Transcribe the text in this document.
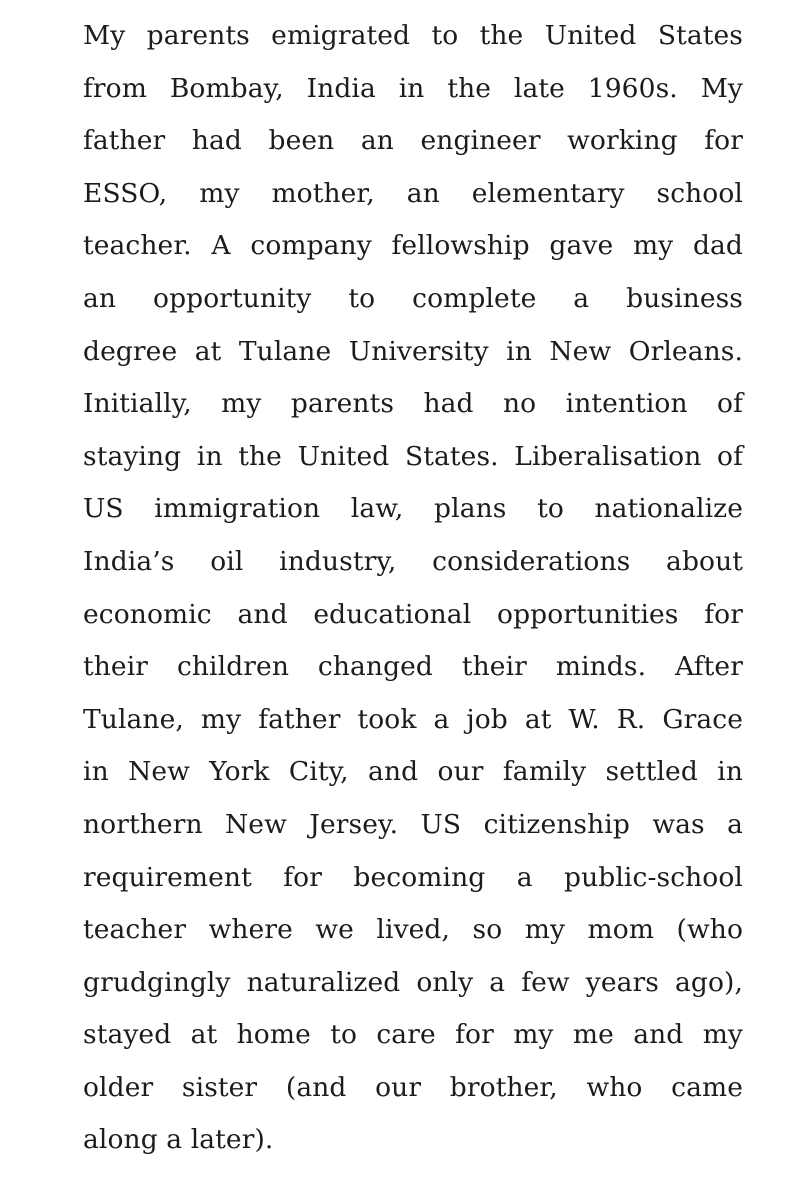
My parents emigrated to the United States
from Bombay, India in the late 1960s. My
father had been an engineer working for
ESSO, my mother, an elementary school
teacher. A company fellowship gave my dad
an opportunity to complete a business
degree at Tulane University in New Orleans.
Initially, my parents had no intention of
staying in the United States. Liberalisation of
US immigration law, plans to nationalize
India’s oil industry, considerations about
economic and educational opportunities for
their children changed their minds. After
Tulane, my father took a job at W. R. Grace
in New York City, and our family settled in
northern New Jersey. US citizenship was a
requirement for becoming a public-school
teacher where we lived, so my mom (who
grudgingly naturalized only a few years ago),
stayed at home to care for my me and my
older sister (and our brother, who came
along a later).
